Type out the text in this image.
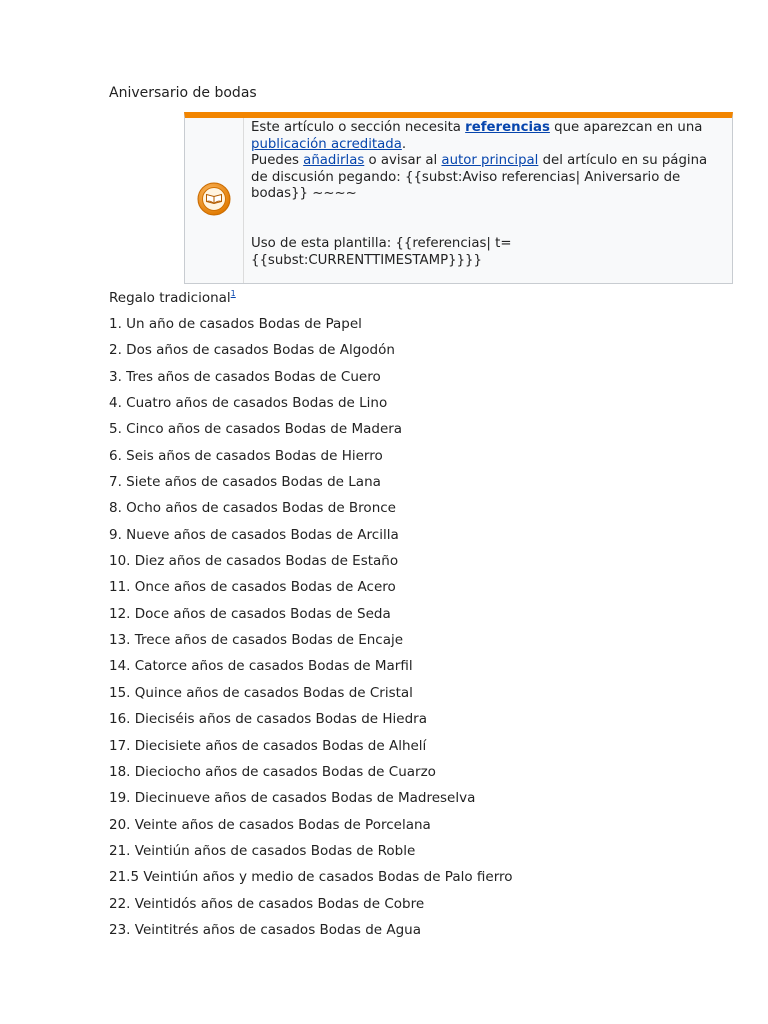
Aniversario de bodas
Este artículo o sección necesita referencias que aparezcan en una publicación acreditada.
Puedes añadirlas o avisar al autor principal del artículo en su página de discusión pegando: {{subst:Aviso referencias| Aniversario de bodas}} ~~~~
Uso de esta plantilla: {{referencias| t={{subst:CURRENTTIMESTAMP}}}}
Regalo tradicional$^1$
1. Un año de casados Bodas de Papel
2. Dos años de casados Bodas de Algodón
3. Tres años de casados Bodas de Cuero
4. Cuatro años de casados Bodas de Lino
5. Cinco años de casados Bodas de Madera
6. Seis años de casados Bodas de Hierro
7. Siete años de casados Bodas de Lana
8. Ocho años de casados Bodas de Bronce
9. Nueve años de casados Bodas de Arcilla
10. Diez años de casados Bodas de Estaño
11. Once años de casados Bodas de Acero
12. Doce años de casados Bodas de Seda
13. Trece años de casados Bodas de Encaje
14. Catorce años de casados Bodas de Marfil
15. Quince años de casados Bodas de Cristal
16. Dieciséis años de casados Bodas de Hiedra
17. Diecisiete años de casados Bodas de Alhelí
18. Dieciocho años de casados Bodas de Cuarzo
19. Diecinueve años de casados Bodas de Madreselva
20. Veinte años de casados Bodas de Porcelana
21. Veintiún años de casados Bodas de Roble
21.5 Veintiún años y medio de casados Bodas de Palo fierro
22. Veintidós años de casados Bodas de Cobre
23. Veintitrés años de casados Bodas de Agua
